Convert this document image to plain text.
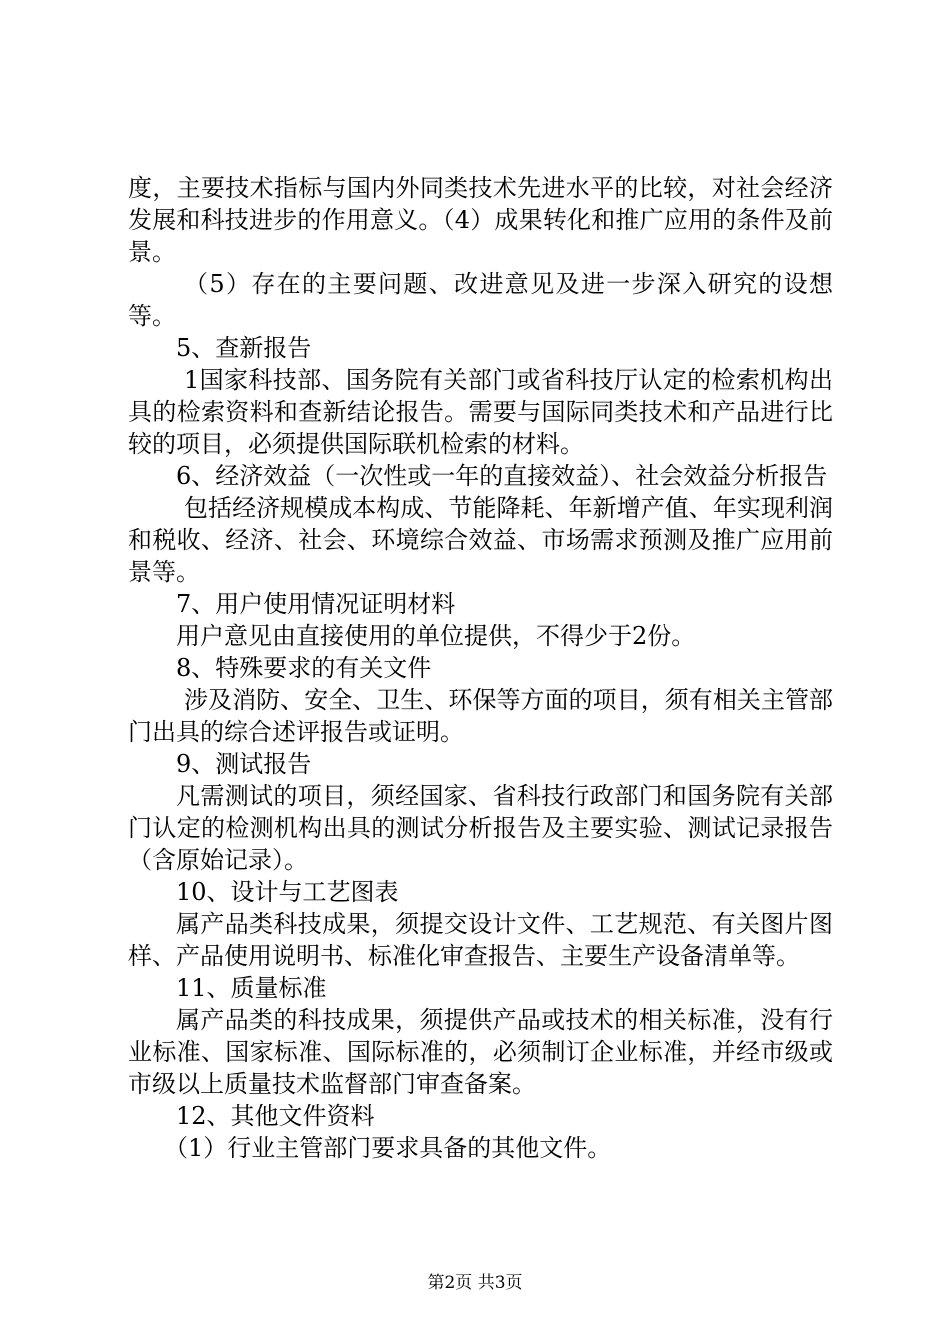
度，主要技术指标与国内外同类技术先进水平的比较，对社会经济发展和科技进步的作用意义。（4）成果转化和推广应用的条件及前景。

（5）存在的主要问题、改进意见及进一步深入研究的设想等。

5、查新报告

1国家科技部、国务院有关部门或省科技厅认定的检索机构出具的检索资料和查新结论报告。需要与国际同类技术和产品进行比较的项目，必须提供国际联机检索的材料。

6、经济效益（一次性或一年的直接效益）、社会效益分析报告

包括经济规模成本构成、节能降耗、年新增产值、年实现利润和税收、经济、社会、环境综合效益、市场需求预测及推广应用前景等。

7、用户使用情况证明材料

用户意见由直接使用的单位提供，不得少于2份。

8、特殊要求的有关文件

涉及消防、安全、卫生、环保等方面的项目，须有相关主管部门出具的综合述评报告或证明。

9、测试报告

凡需测试的项目，须经国家、省科技行政部门和国务院有关部门认定的检测机构出具的测试分析报告及主要实验、测试记录报告（含原始记录）。

10、设计与工艺图表

属产品类科技成果，须提交设计文件、工艺规范、有关图片图样、产品使用说明书、标准化审查报告、主要生产设备清单等。

11、质量标准

属产品类的科技成果，须提供产品或技术的相关标准，没有行业标准、国家标准、国际标准的，必须制订企业标准，并经市级或市级以上质量技术监督部门审查备案。

12、其他文件资料

（1）行业主管部门要求具备的其他文件。

第2页 共3页
